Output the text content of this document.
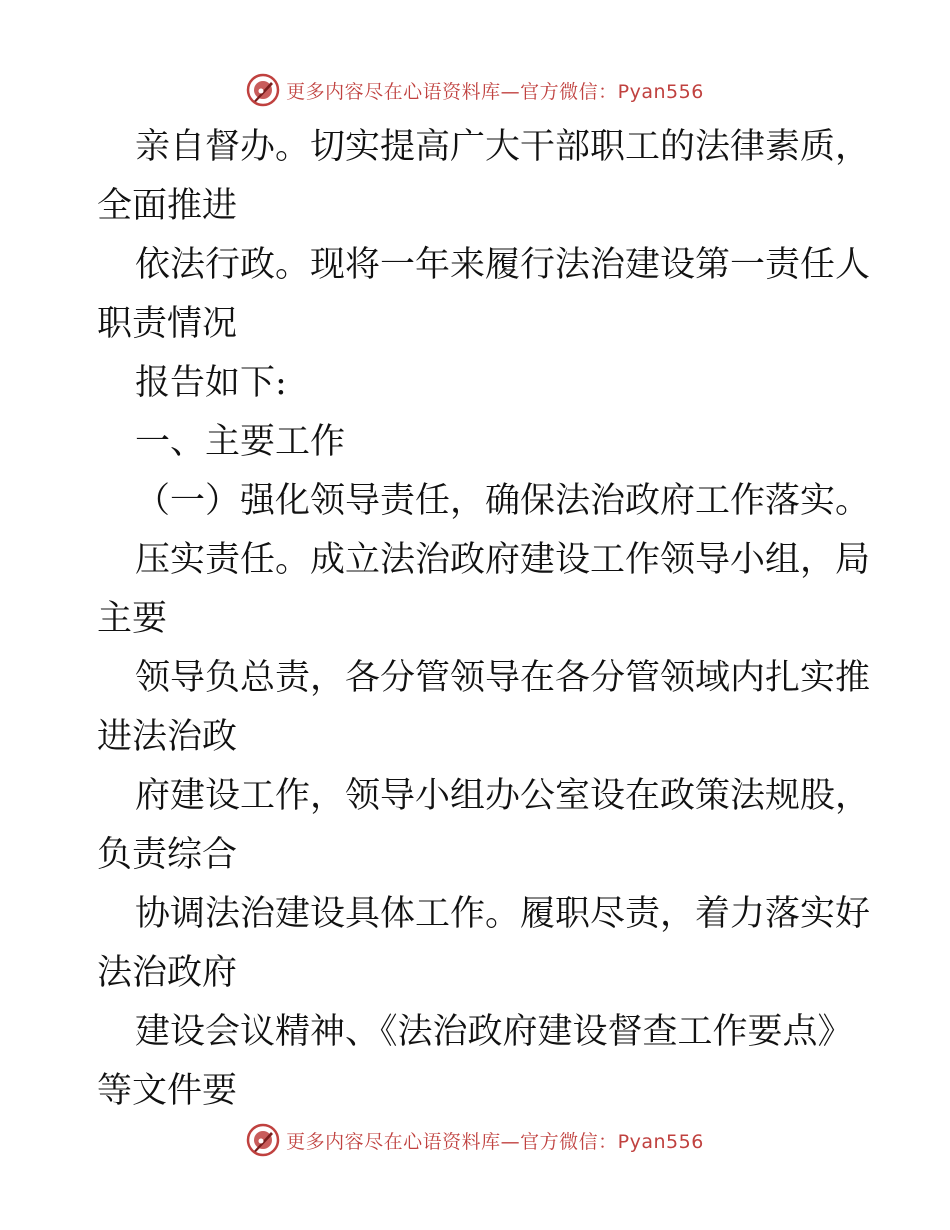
更多内容尽在心语资料库—官方微信：Pyan556
亲自督办。切实提高广大干部职工的法律素质，
全面推进
依法行政。现将一年来履行法治建设第一责任人
职责情况
报告如下:
一、主要工作
（一）强化领导责任，确保法治政府工作落实。
压实责任。成立法治政府建设工作领导小组，局
主要
领导负总责，各分管领导在各分管领域内扎实推
进法治政
府建设工作，领导小组办公室设在政策法规股，
负责综合
协调法治建设具体工作。履职尽责，着力落实好
法治政府
建设会议精神、《法治政府建设督查工作要点》
等文件要
更多内容尽在心语资料库—官方微信：Pyan556
